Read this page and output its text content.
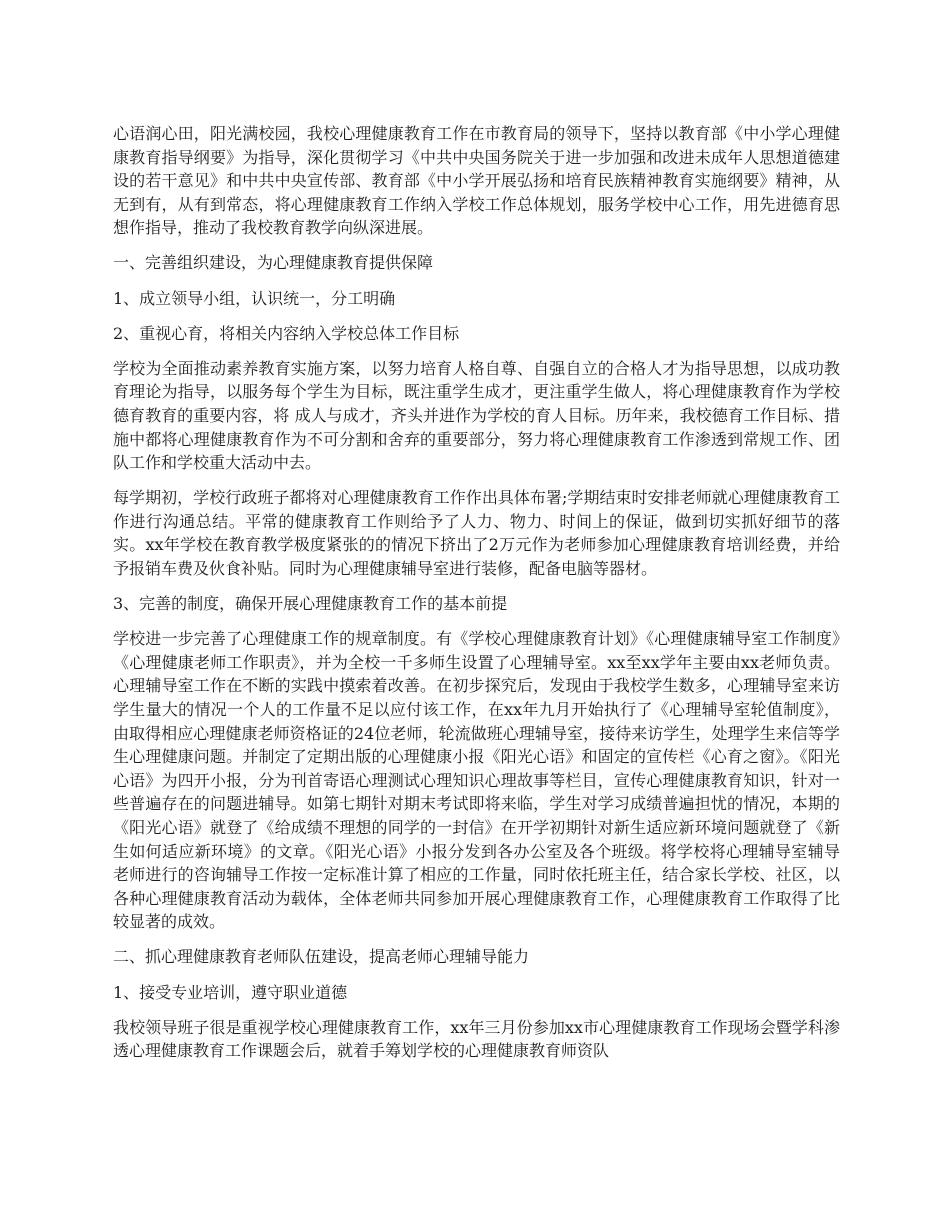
心语润心田，阳光满校园，我校心理健康教育工作在市教育局的领导下，坚持以教育部《中小学心理健康教育指导纲要》为指导，深化贯彻学习《中共中央国务院关于进一步加强和改进未成年人思想道德建设的若干意见》和中共中央宣传部、教育部《中小学开展弘扬和培育民族精神教育实施纲要》精神，从无到有，从有到常态，将心理健康教育工作纳入学校工作总体规划，服务学校中心工作，用先进德育思想作指导，推动了我校教育教学向纵深进展。

一、完善组织建设，为心理健康教育提供保障

1、成立领导小组，认识统一，分工明确

2、重视心育，将相关内容纳入学校总体工作目标

学校为全面推动素养教育实施方案，以努力培育人格自尊、自强自立的合格人才为指导思想，以成功教育理论为指导，以服务每个学生为目标，既注重学生成才，更注重学生做人，将心理健康教育作为学校德育教育的重要内容，将 成人与成才，齐头并进作为学校的育人目标。历年来，我校德育工作目标、措施中都将心理健康教育作为不可分割和舍弃的重要部分，努力将心理健康教育工作渗透到常规工作、团队工作和学校重大活动中去。

每学期初，学校行政班子都将对心理健康教育工作作出具体布署;学期结束时安排老师就心理健康教育工作进行沟通总结。平常的健康教育工作则给予了人力、物力、时间上的保证，做到切实抓好细节的落实。xx年学校在教育教学极度紧张的的情况下挤出了2万元作为老师参加心理健康教育培训经费，并给予报销车费及伙食补贴。同时为心理健康辅导室进行装修，配备电脑等器材。

3、完善的制度，确保开展心理健康教育工作的基本前提

学校进一步完善了心理健康工作的规章制度。有《学校心理健康教育计划》《心理健康辅导室工作制度》《心理健康老师工作职责》，并为全校一千多师生设置了心理辅导室。xx至xx学年主要由xx老师负责。心理辅导室工作在不断的实践中摸索着改善。在初步探究后，发现由于我校学生数多，心理辅导室来访学生量大的情况一个人的工作量不足以应付该工作，在xx年九月开始执行了《心理辅导室轮值制度》，由取得相应心理健康老师资格证的24位老师，轮流做班心理辅导室，接待来访学生，处理学生来信等学生心理健康问题。并制定了定期出版的心理健康小报《阳光心语》和固定的宣传栏《心育之窗》。《阳光心语》为四开小报，分为刊首寄语心理测试心理知识心理故事等栏目，宣传心理健康教育知识，针对一些普遍存在的问题进辅导。如第七期针对期末考试即将来临，学生对学习成绩普遍担忧的情况，本期的《阳光心语》就登了《给成绩不理想的同学的一封信》在开学初期针对新生适应新环境问题就登了《新生如何适应新环境》的文章。《阳光心语》小报分发到各办公室及各个班级。将学校将心理辅导室辅导老师进行的咨询辅导工作按一定标准计算了相应的工作量，同时依托班主任，结合家长学校、社区，以各种心理健康教育活动为载体，全体老师共同参加开展心理健康教育工作，心理健康教育工作取得了比较显著的成效。

二、抓心理健康教育老师队伍建设，提高老师心理辅导能力

1、接受专业培训，遵守职业道德

我校领导班子很是重视学校心理健康教育工作，xx年三月份参加xx市心理健康教育工作现场会暨学科渗透心理健康教育工作课题会后，就着手筹划学校的心理健康教育师资队
